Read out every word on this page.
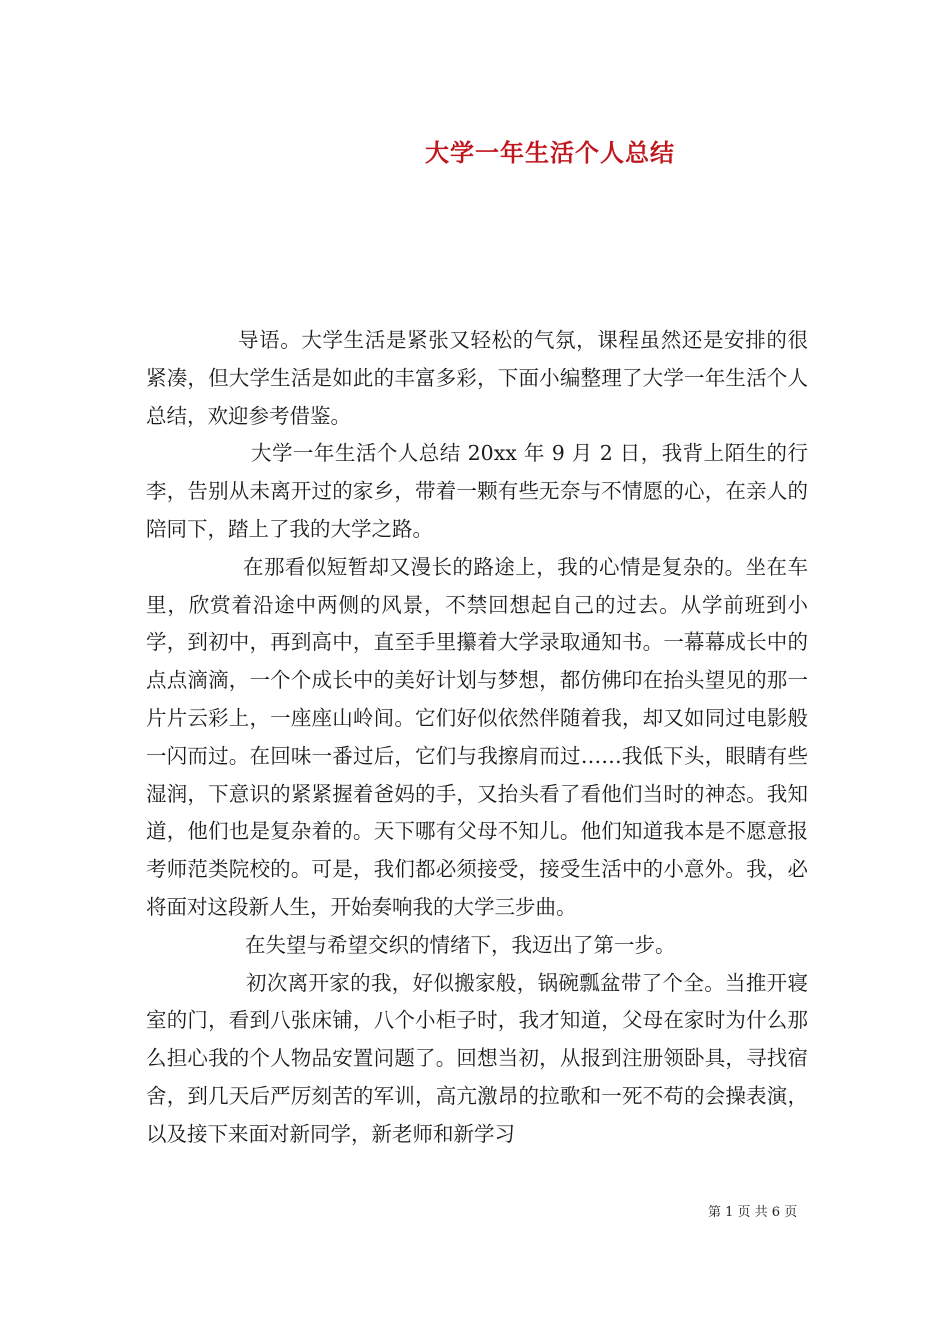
大学一年生活个人总结

导语。大学生活是紧张又轻松的气氛，课程虽然还是安排的很紧凑，但大学生活是如此的丰富多彩，下面小编整理了大学一年生活个人总结，欢迎参考借鉴。

大学一年生活个人总结 20xx 年 9 月 2 日，我背上陌生的行李，告别从未离开过的家乡，带着一颗有些无奈与不情愿的心，在亲人的陪同下，踏上了我的大学之路。

在那看似短暂却又漫长的路途上，我的心情是复杂的。坐在车里，欣赏着沿途中两侧的风景，不禁回想起自己的过去。从学前班到小学，到初中，再到高中，直至手里攥着大学录取通知书。一幕幕成长中的点点滴滴，一个个成长中的美好计划与梦想，都仿佛印在抬头望见的那一片片云彩上，一座座山岭间。它们好似依然伴随着我，却又如同过电影般一闪而过。在回味一番过后，它们与我擦肩而过……我低下头，眼睛有些湿润，下意识的紧紧握着爸妈的手，又抬头看了看他们当时的神态。我知道，他们也是复杂着的。天下哪有父母不知儿。他们知道我本是不愿意报考师范类院校的。可是，我们都必须接受，接受生活中的小意外。我，必将面对这段新人生，开始奏响我的大学三步曲。

在失望与希望交织的情绪下，我迈出了第一步。

初次离开家的我，好似搬家般，锅碗瓢盆带了个全。当推开寝室的门，看到八张床铺，八个小柜子时，我才知道，父母在家时为什么那么担心我的个人物品安置问题了。回想当初，从报到注册领卧具，寻找宿舍，到几天后严厉刻苦的军训，高亢激昂的拉歌和一死不苟的会操表演，以及接下来面对新同学，新老师和新学习

第 1 页 共 6 页
